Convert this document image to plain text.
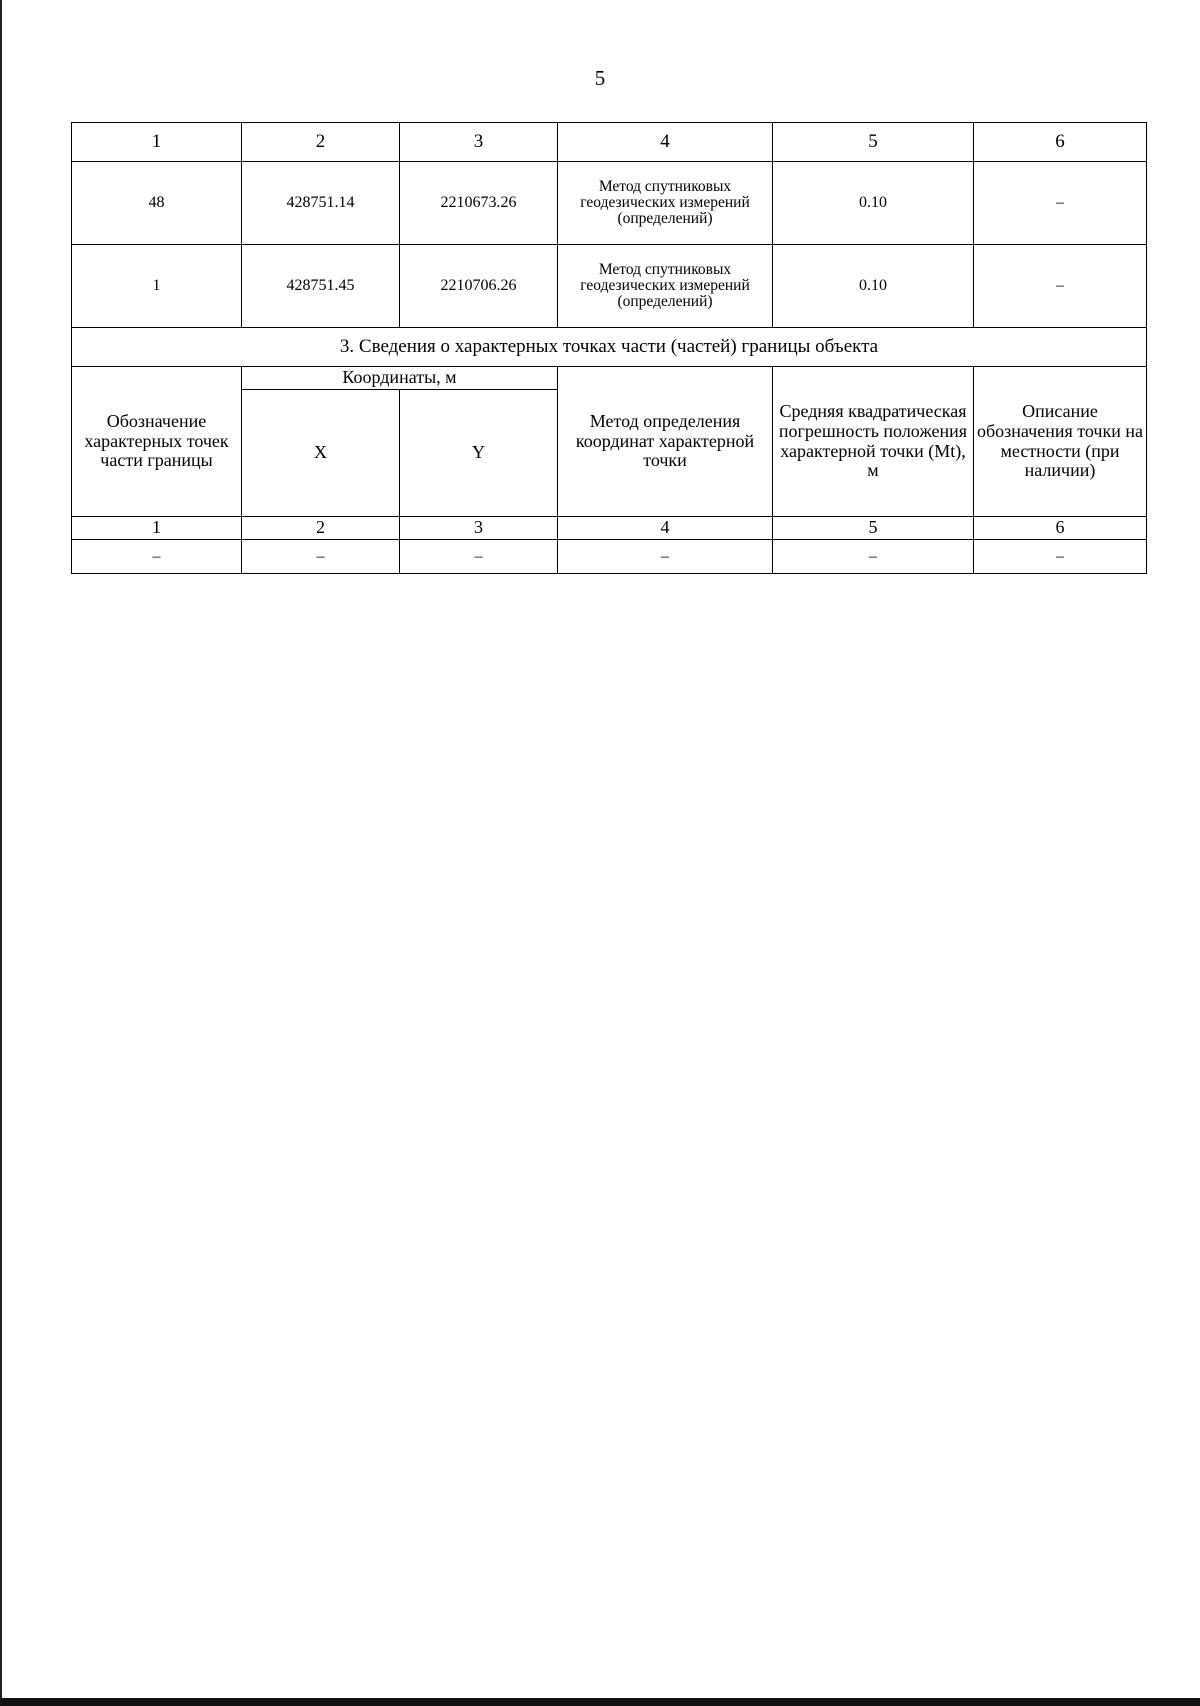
5
1	2	3	4	5	6
48	428751.14	2210673.26	Метод спутниковых геодезических измерений (определений)	0.10	–
1	428751.45	2210706.26	Метод спутниковых геодезических измерений (определений)	0.10	–
3. Сведения о характерных точках части (частей) границы объекта					
Обозначение характерных точек части границы	Координаты, м		Метод определения координат характерной точки	Средняя квадратическая погрешность положения характерной точки (Mt), м	Описание обозначения точки на местности (при наличии)
	X	Y			
1	2	3	4	5	6
–	–	–	–	–	–
